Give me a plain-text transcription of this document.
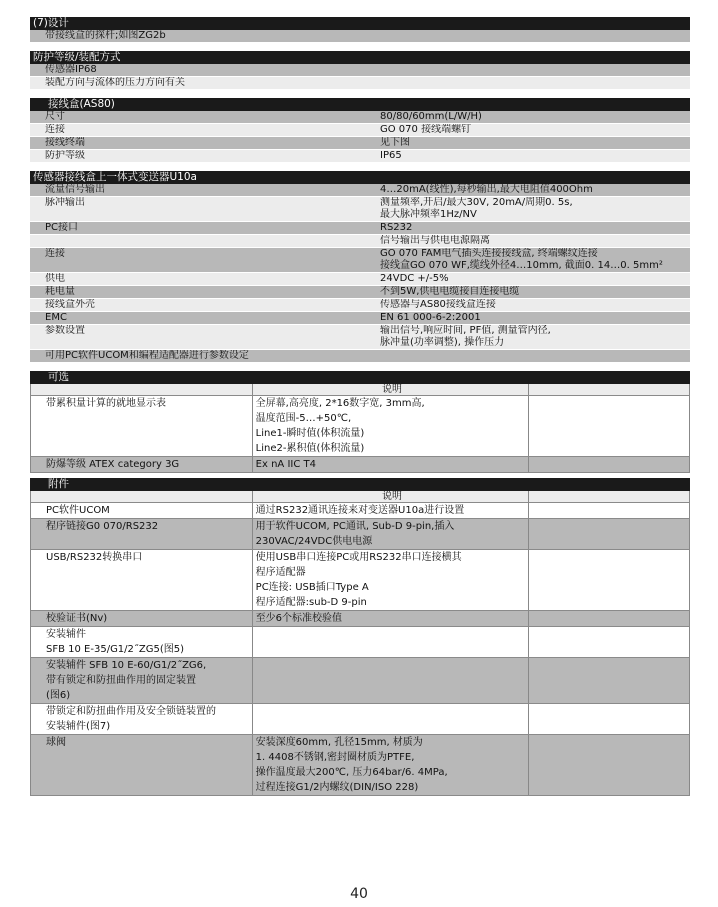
(7)设计
带接线盒的探杆;如图ZG2b
防护等级/装配方式
传感器IP68
装配方向与流体的压力方向有关
接线盒(AS80)
尺寸	80/80/60mm(L/W/H)
连接	GO 070 接线端螺钉
接线终端	见下图
防护等级	IP65
传感器接线盒上一体式变送器U10a
流量信号输出	4…20mA(线性),每秒输出,最大电阻值400Ohm
脉冲输出	测量频率,开启/最大30V, 20mA/周期0. 5s,
最大脉冲频率1Hz/NV
PC接口	RS232
信号输出与供电电源隔离
连接	GO 070 FAM电气插头连接接线盒, 终端螺纹连接
接线盒GO 070 WF,缆线外径4…10mm, 截面0. 14…0. 5mm²
供电	24VDC +/-5%
耗电量	不到5W,供电电缆接自连接电缆
接线盒外壳	传感器与AS80接线盒连接
EMC	EN 61 000-6-2:2001
参数设置	输出信号,响应时间, PF值, 测量管内径,
脉冲量(功率调整), 操作压力
可用PC软件UCOM和编程适配器进行参数设定
可选
说明
带累积量计算的就地显示表	全屏幕,高亮度, 2*16数字宽, 3mm高,
温度范围-5…+50℃,
Line1-瞬时值(体积流量)
Line2-累积值(体积流量)
防爆等级 ATEX category 3G	Ex nA IIC T4
附件
说明
PC软件UCOM	通过RS232通讯连接来对变送器U10a进行设置
程序链接G0 070/RS232	用于软件UCOM, PC通讯, Sub-D 9-pin,插入
230VAC/24VDC供电电源
USB/RS232转换串口	使用USB串口连接PC或用RS232串口连接横其
程序适配器
PC连接: USB插口Type A
程序适配器:sub-D 9-pin
校验证书(Nv)	至少6个标准校验值
安装辅件
SFB 10 E-35/G1/2˝ZG5(图5)
安装辅件 SFB 10 E-60/G1/2˝ZG6,
带有锁定和防扭曲作用的固定装置
(图6)
带锁定和防扭曲作用及安全锁链装置的
安装辅件(图7)
球阀	安装深度60mm, 孔径15mm, 材质为
1. 4408不锈钢,密封圈材质为PTFE,
操作温度最大200℃, 压力64bar/6. 4MPa,
过程连接G1/2内螺纹(DIN/ISO 228)
40
